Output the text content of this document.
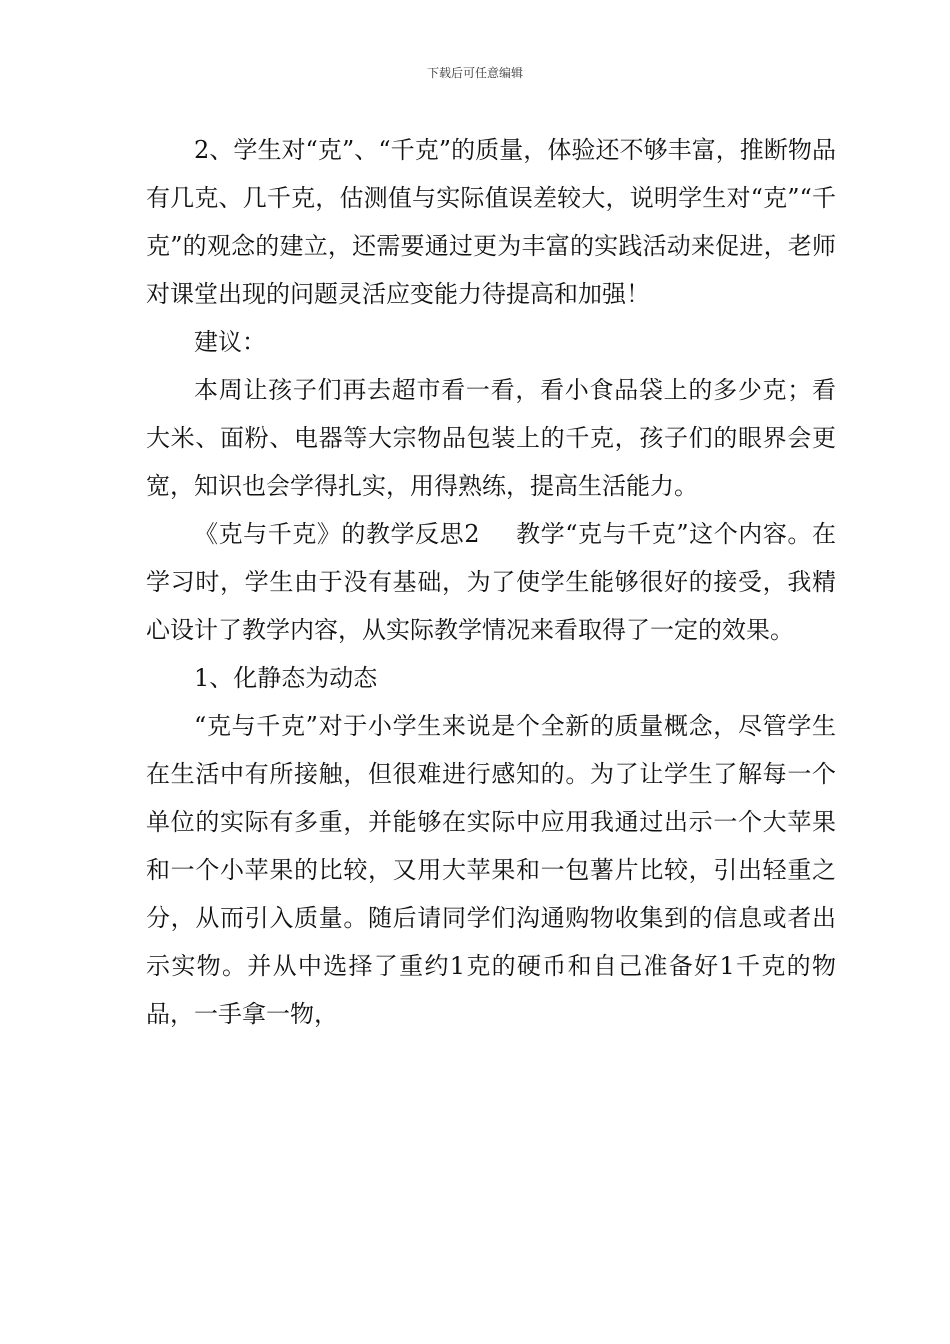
下载后可任意编辑

2、学生对“克”、“千克”的质量，体验还不够丰富，推断物品有几克、几千克，估测值与实际值误差较大，说明学生对“克”“千克”的观念的建立，还需要通过更为丰富的实践活动来促进，老师对课堂出现的问题灵活应变能力待提高和加强！

建议：

本周让孩子们再去超市看一看，看小食品袋上的多少克；看大米、面粉、电器等大宗物品包装上的千克，孩子们的眼界会更宽，知识也会学得扎实，用得熟练，提高生活能力。

《克与千克》的教学反思2 教学“克与千克”这个内容。在学习时，学生由于没有基础，为了使学生能够很好的接受，我精心设计了教学内容，从实际教学情况来看取得了一定的效果。

1、化静态为动态

“克与千克”对于小学生来说是个全新的质量概念，尽管学生在生活中有所接触，但很难进行感知的。为了让学生了解每一个单位的实际有多重，并能够在实际中应用我通过出示一个大苹果和一个小苹果的比较，又用大苹果和一包薯片比较，引出轻重之分，从而引入质量。随后请同学们沟通购物收集到的信息或者出示实物。并从中选择了重约1克的硬币和自己准备好1千克的物品，一手拿一物，
